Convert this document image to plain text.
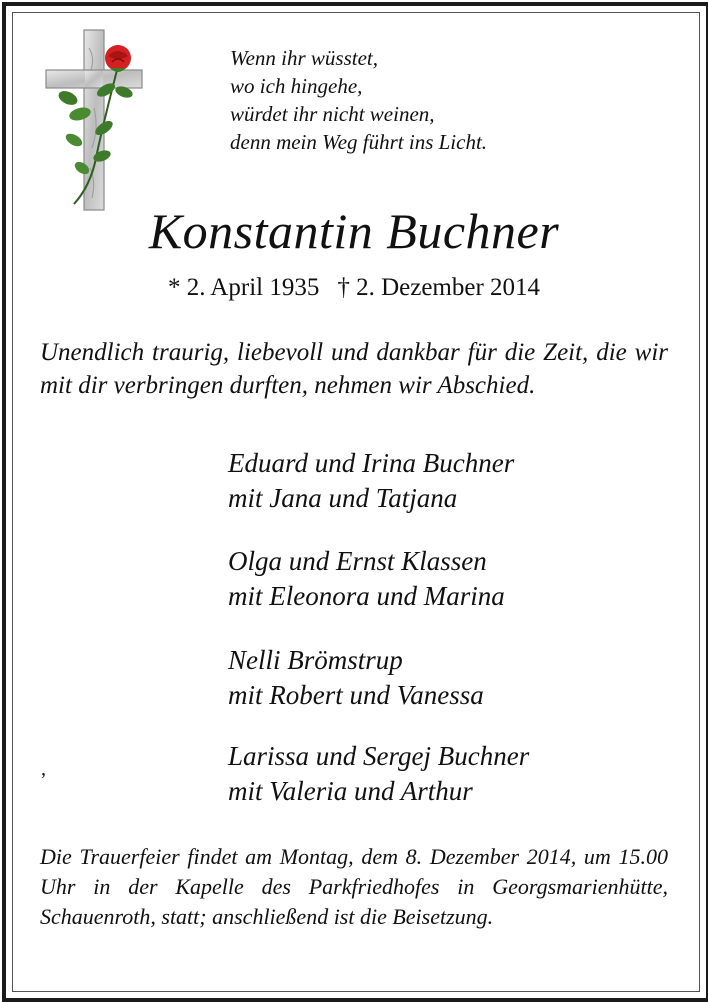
Wenn ihr wüsstet,
wo ich hingehe,
würdet ihr nicht weinen,
denn mein Weg führt ins Licht.
Konstantin Buchner
* 2. April 1935 † 2. Dezember 2014
Unendlich traurig, liebevoll und dankbar für die Zeit, die wir mit dir verbringen durften, nehmen wir Abschied.
Eduard und Irina Buchner
mit Jana und Tatjana
Olga und Ernst Klassen
mit Eleonora und Marina
Nelli Brömstrup
mit Robert und Vanessa
Larissa und Sergej Buchner
mit Valeria und Arthur
’
Die Trauerfeier findet am Montag, dem 8. Dezember 2014, um 15.00 Uhr in der Kapelle des Parkfriedhofes in Georgsmarienhütte, Schauenroth, statt; anschließend ist die Beisetzung.
